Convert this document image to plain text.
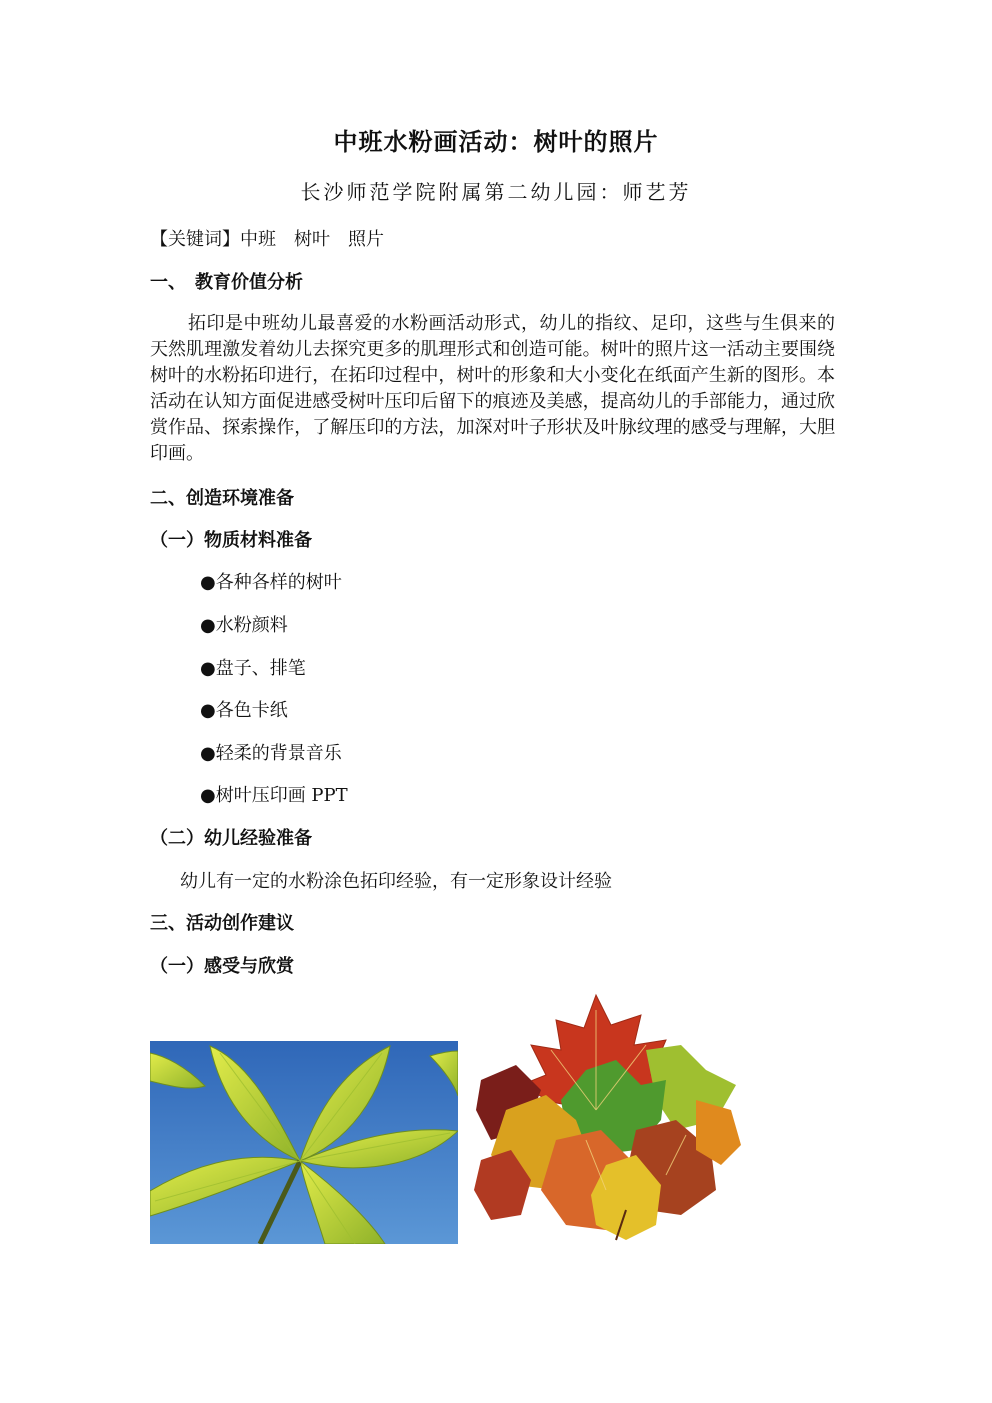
中班水粉画活动：树叶的照片
长沙师范学院附属第二幼儿园：师艺芳
【关键词】中班 树叶 照片
一、　教育价值分析
拓印是中班幼儿最喜爱的水粉画活动形式，幼儿的指纹、足印，这些与生俱来的天然肌理激发着幼儿去探究更多的肌理形式和创造可能。树叶的照片这一活动主要围绕树叶的水粉拓印进行，在拓印过程中，树叶的形象和大小变化在纸面产生新的图形。本活动在认知方面促进感受树叶压印后留下的痕迹及美感，提高幼儿的手部能力，通过欣赏作品、探索操作，了解压印的方法，加深对叶子形状及叶脉纹理的感受与理解，大胆印画。
二、创造环境准备
（一）物质材料准备
●各种各样的树叶
●水粉颜料
●盘子、排笔
●各色卡纸
●轻柔的背景音乐
●树叶压印画 PPT
（二）幼儿经验准备
幼儿有一定的水粉涂色拓印经验，有一定形象设计经验
三、活动创作建议
（一）感受与欣赏
